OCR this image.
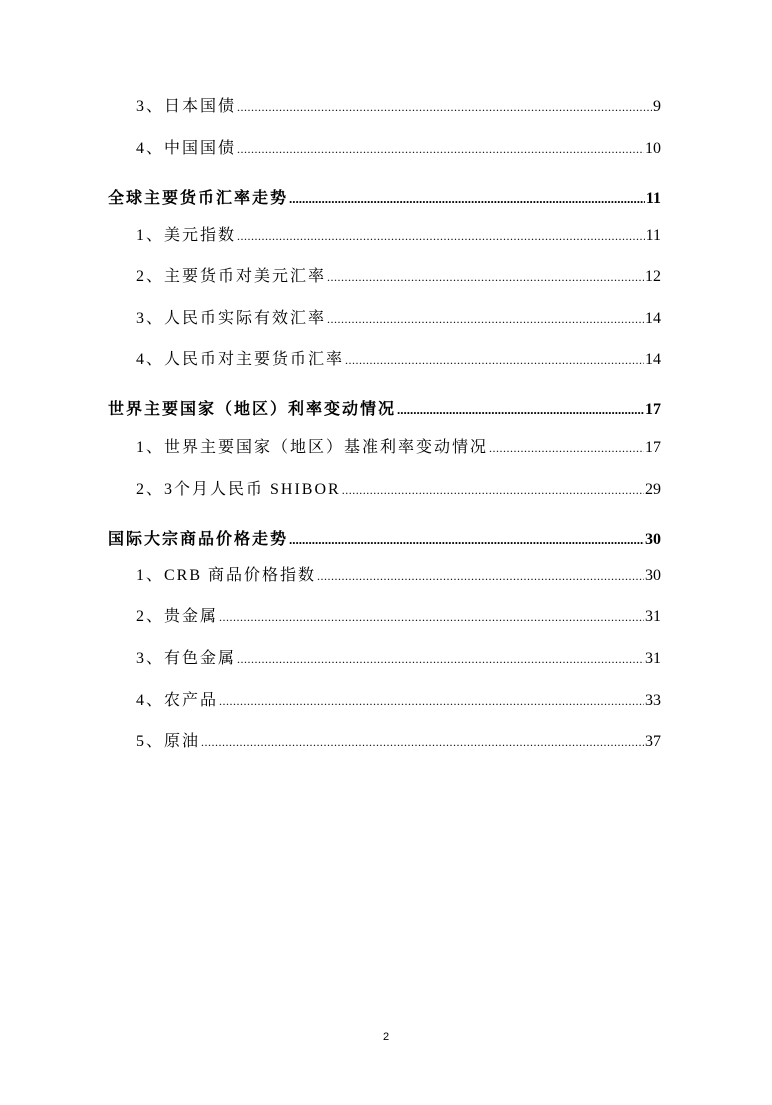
3、日本国债 .....	9
4、中国国债 .....	10
全球主要货币汇率走势 .....	11
1、美元指数 .....	11
2、主要货币对美元汇率 .....	12
3、人民币实际有效汇率 .....	14
4、人民币对主要货币汇率 .....	14
世界主要国家（地区）利率变动情况 .....	17
1、世界主要国家（地区）基准利率变动情况 .....	17
2、3个月人民币 SHIBOR .....	29
国际大宗商品价格走势 .....	30
1、CRB 商品价格指数 .....	30
2、贵金属 .....	31
3、有色金属 .....	31
4、农产品 .....	33
5、原油 .....	37
2
